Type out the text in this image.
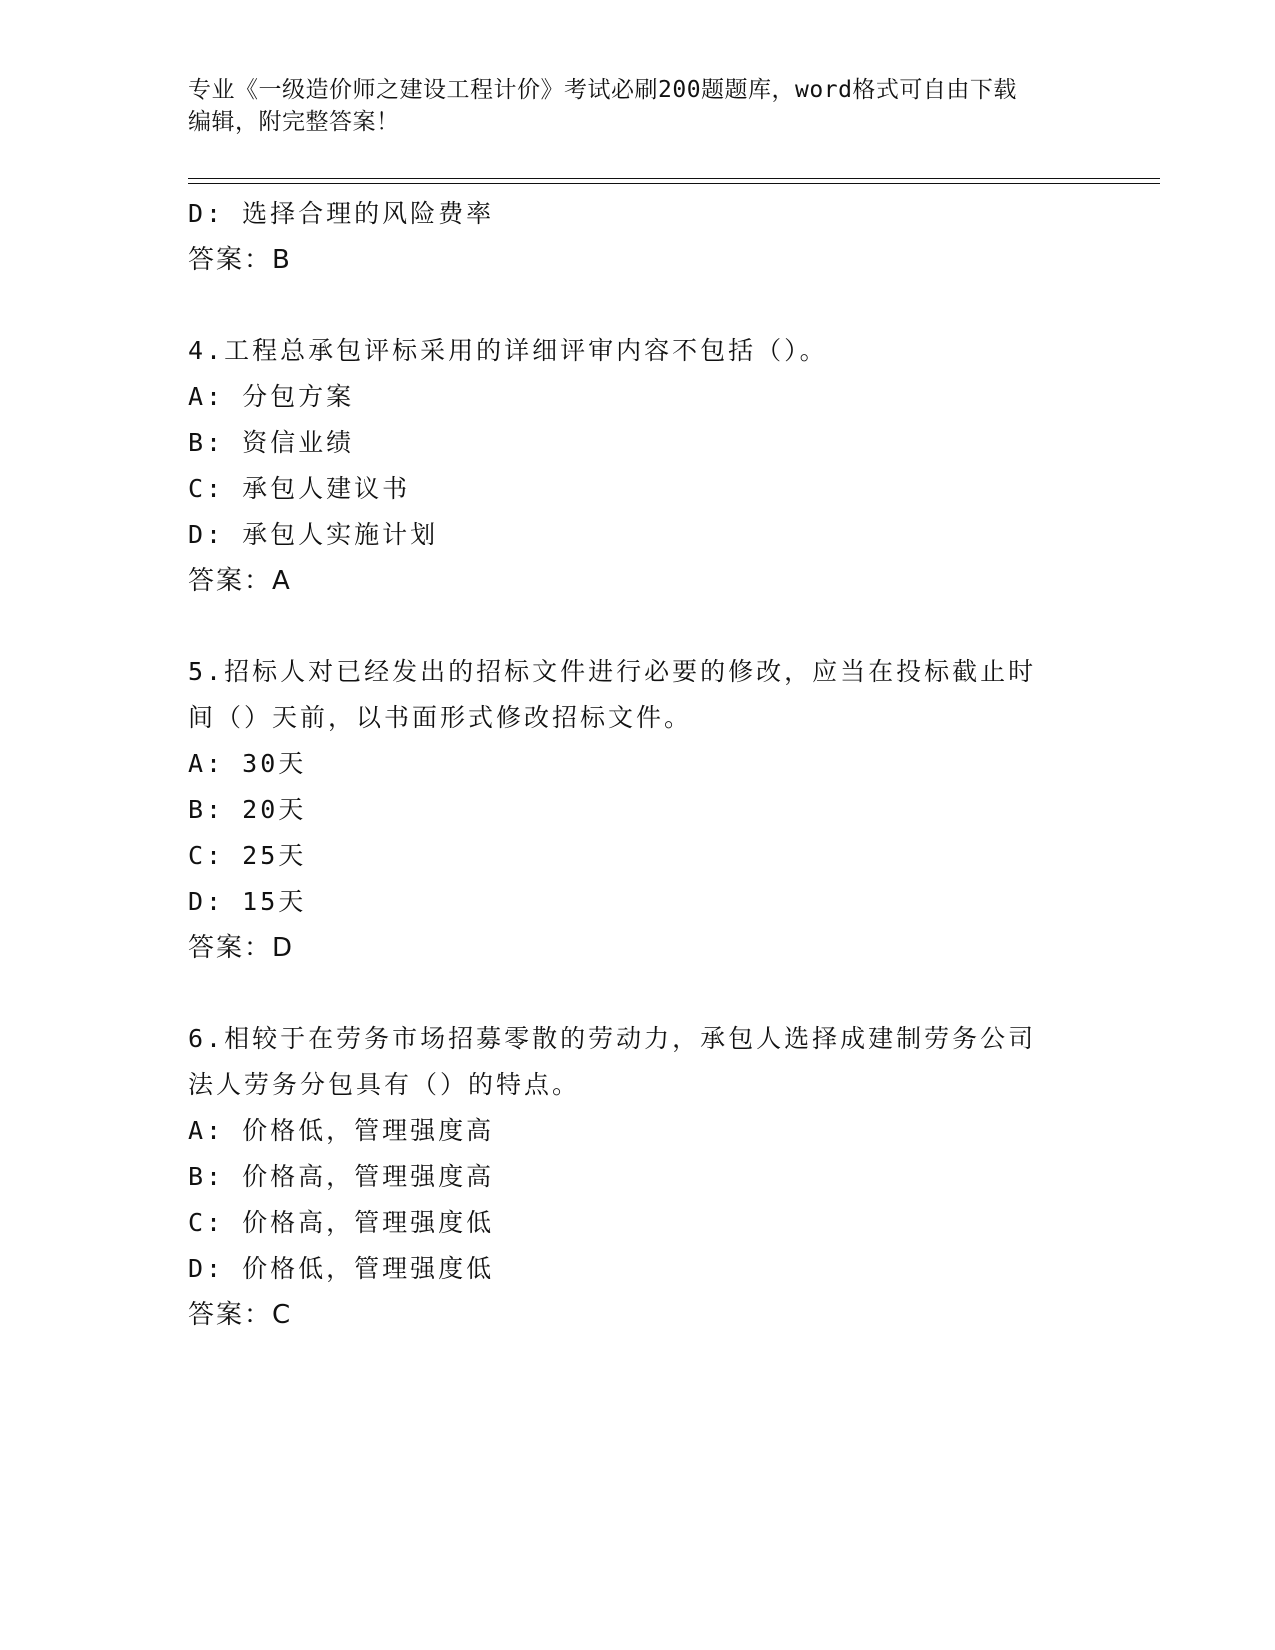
专业《一级造价师之建设工程计价》考试必刷200题题库，word格式可自由下载
编辑，附完整答案！
D: 选择合理的风险费率
答案：B
4.工程总承包评标采用的详细评审内容不包括（）。
A: 分包方案
B: 资信业绩
C: 承包人建议书
D: 承包人实施计划
答案：A
5.招标人对已经发出的招标文件进行必要的修改，应当在投标截止时
间（）天前，以书面形式修改招标文件。
A: 30天
B: 20天
C: 25天
D: 15天
答案：D
6.相较于在劳务市场招募零散的劳动力，承包人选择成建制劳务公司
法人劳务分包具有（）的特点。
A: 价格低，管理强度高
B: 价格高，管理强度高
C: 价格高，管理强度低
D: 价格低，管理强度低
答案：C
